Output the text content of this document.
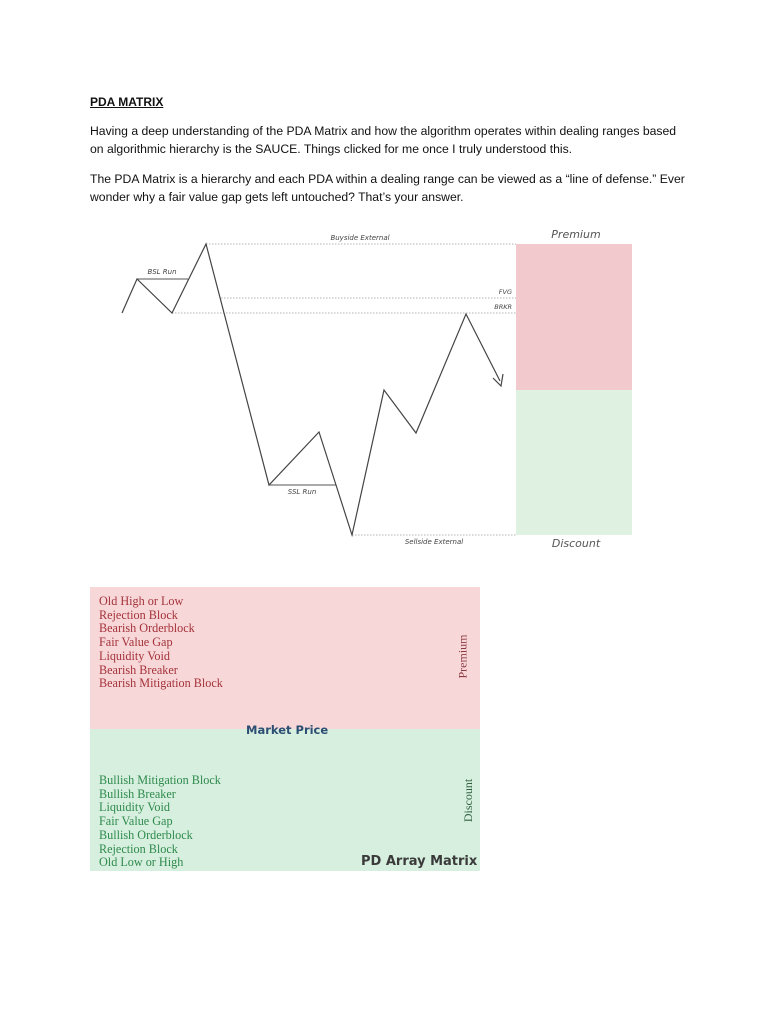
PDA MATRIX
Having a deep understanding of the PDA Matrix and how the algorithm operates within dealing ranges based on algorithmic hierarchy is the SAUCE. Things clicked for me once I truly understood this.
The PDA Matrix is a hierarchy and each PDA within a dealing range can be viewed as a “line of defense.” Ever wonder why a fair value gap gets left untouched? That’s your answer.
Premium
Discount
Buyside External
BSL Run
FVG
BRKR
SSL Run
Sellside External
Old High or Low
Rejection Block
Bearish Orderblock
Fair Value Gap
Liquidity Void
Bearish Breaker
Bearish Mitigation Block
Market Price
Premium
Discount
Bullish Mitigation Block
Bullish Breaker
Liquidity Void
Fair Value Gap
Bullish Orderblock
Rejection Block
Old Low or High	PD Array Matrix
